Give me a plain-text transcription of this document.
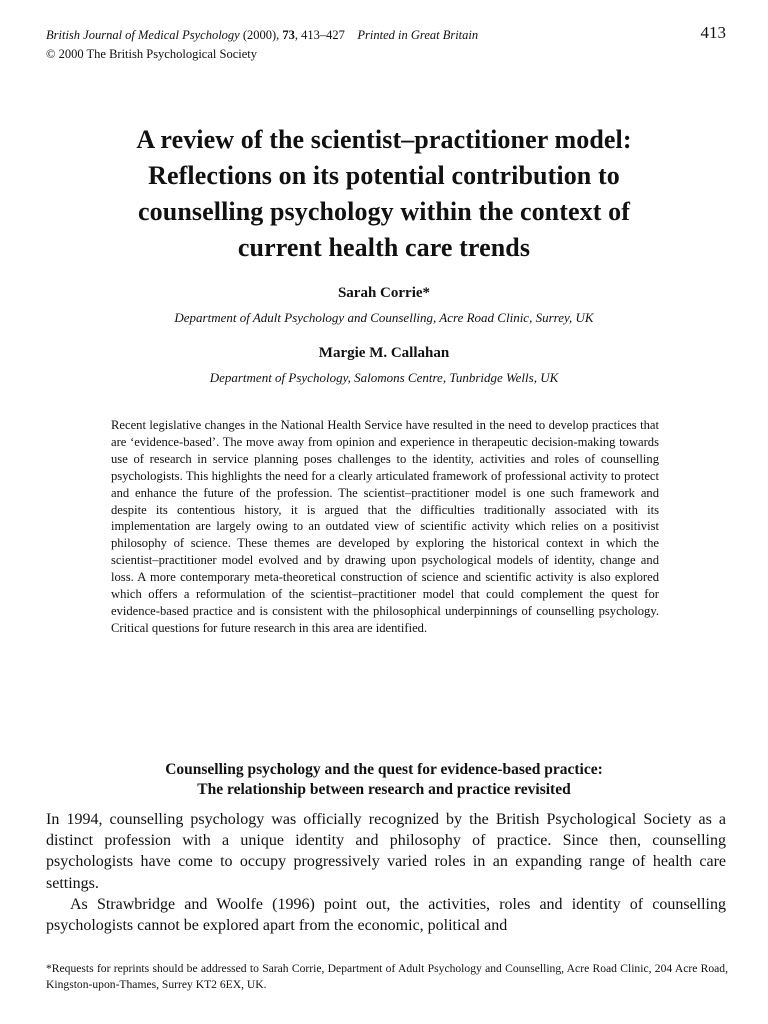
British Journal of Medical Psychology (2000), 73, 413–427 Printed in Great Britain	413
© 2000 The British Psychological Society
A review of the scientist–practitioner model:
Reflections on its potential contribution to
counselling psychology within the context of
current health care trends
Sarah Corrie*
Department of Adult Psychology and Counselling, Acre Road Clinic, Surrey, UK
Margie M. Callahan
Department of Psychology, Salomons Centre, Tunbridge Wells, UK
Recent legislative changes in the National Health Service have resulted in the need to develop practices that are ‘evidence-based’. The move away from opinion and experience in therapeutic decision-making towards use of research in service planning poses challenges to the identity, activities and roles of counselling psychologists. This highlights the need for a clearly articulated framework of professional activity to protect and enhance the future of the profession. The scientist–practitioner model is one such framework and despite its contentious history, it is argued that the difficulties traditionally associated with its implementation are largely owing to an outdated view of scientific activity which relies on a positivist philosophy of science. These themes are developed by exploring the historical context in which the scientist–practitioner model evolved and by drawing upon psychological models of identity, change and loss. A more contemporary meta-theoretical construction of science and scientific activity is also explored which offers a reformulation of the scientist–practitioner model that could complement the quest for evidence-based practice and is consistent with the philosophical underpinnings of counselling psychology. Critical questions for future research in this area are identified.
Counselling psychology and the quest for evidence-based practice:
The relationship between research and practice revisited

In 1994, counselling psychology was officially recognized by the British Psychological Society as a distinct profession with a unique identity and philosophy of practice. Since then, counselling psychologists have come to occupy progressively varied roles in an expanding range of health care settings.

As Strawbridge and Woolfe (1996) point out, the activities, roles and identity of counselling psychologists cannot be explored apart from the economic, political and

*Requests for reprints should be addressed to Sarah Corrie, Department of Adult Psychology and Counselling, Acre Road Clinic, 204 Acre Road, Kingston-upon-Thames, Surrey KT2 6EX, UK.
